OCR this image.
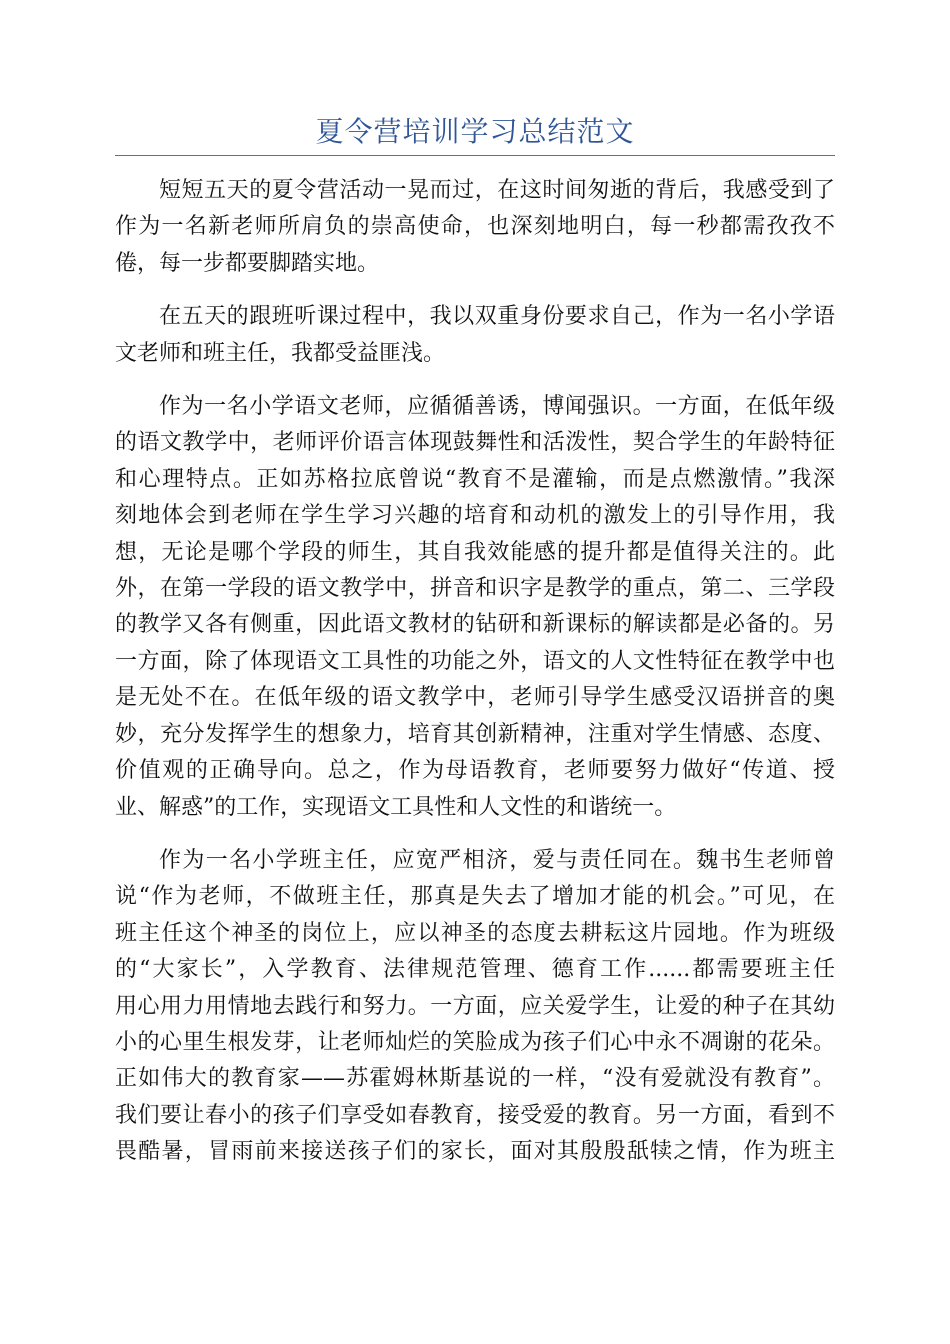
夏令营培训学习总结范文
短短五天的夏令营活动一晃而过，在这时间匆逝的背后，我感受到了
作为一名新老师所肩负的崇高使命，也深刻地明白，每一秒都需孜孜不
倦，每一步都要脚踏实地。
在五天的跟班听课过程中，我以双重身份要求自己，作为一名小学语
文老师和班主任，我都受益匪浅。
作为一名小学语文老师，应循循善诱，博闻强识。一方面，在低年级
的语文教学中，老师评价语言体现鼓舞性和活泼性，契合学生的年龄特征
和心理特点。正如苏格拉底曾说“教育不是灌输，而是点燃激情。”我深
刻地体会到老师在学生学习兴趣的培育和动机的激发上的引导作用，我
想，无论是哪个学段的师生，其自我效能感的提升都是值得关注的。此
外，在第一学段的语文教学中，拼音和识字是教学的重点，第二、三学段
的教学又各有侧重，因此语文教材的钻研和新课标的解读都是必备的。另
一方面，除了体现语文工具性的功能之外，语文的人文性特征在教学中也
是无处不在。在低年级的语文教学中，老师引导学生感受汉语拼音的奥
妙，充分发挥学生的想象力，培育其创新精神，注重对学生情感、态度、
价值观的正确导向。总之，作为母语教育，老师要努力做好“传道、授
业、解惑”的工作，实现语文工具性和人文性的和谐统一。
作为一名小学班主任，应宽严相济，爱与责任同在。魏书生老师曾
说“作为老师，不做班主任，那真是失去了增加才能的机会。”可见，在
班主任这个神圣的岗位上，应以神圣的态度去耕耘这片园地。作为班级
的“大家长”，入学教育、法律规范管理、德育工作......都需要班主任
用心用力用情地去践行和努力。一方面，应关爱学生，让爱的种子在其幼
小的心里生根发芽，让老师灿烂的笑脸成为孩子们心中永不凋谢的花朵。
正如伟大的教育家——苏霍姆林斯基说的一样，“没有爱就没有教育”。
我们要让春小的孩子们享受如春教育，接受爱的教育。另一方面，看到不
畏酷暑，冒雨前来接送孩子们的家长，面对其殷殷舐犊之情，作为班主
